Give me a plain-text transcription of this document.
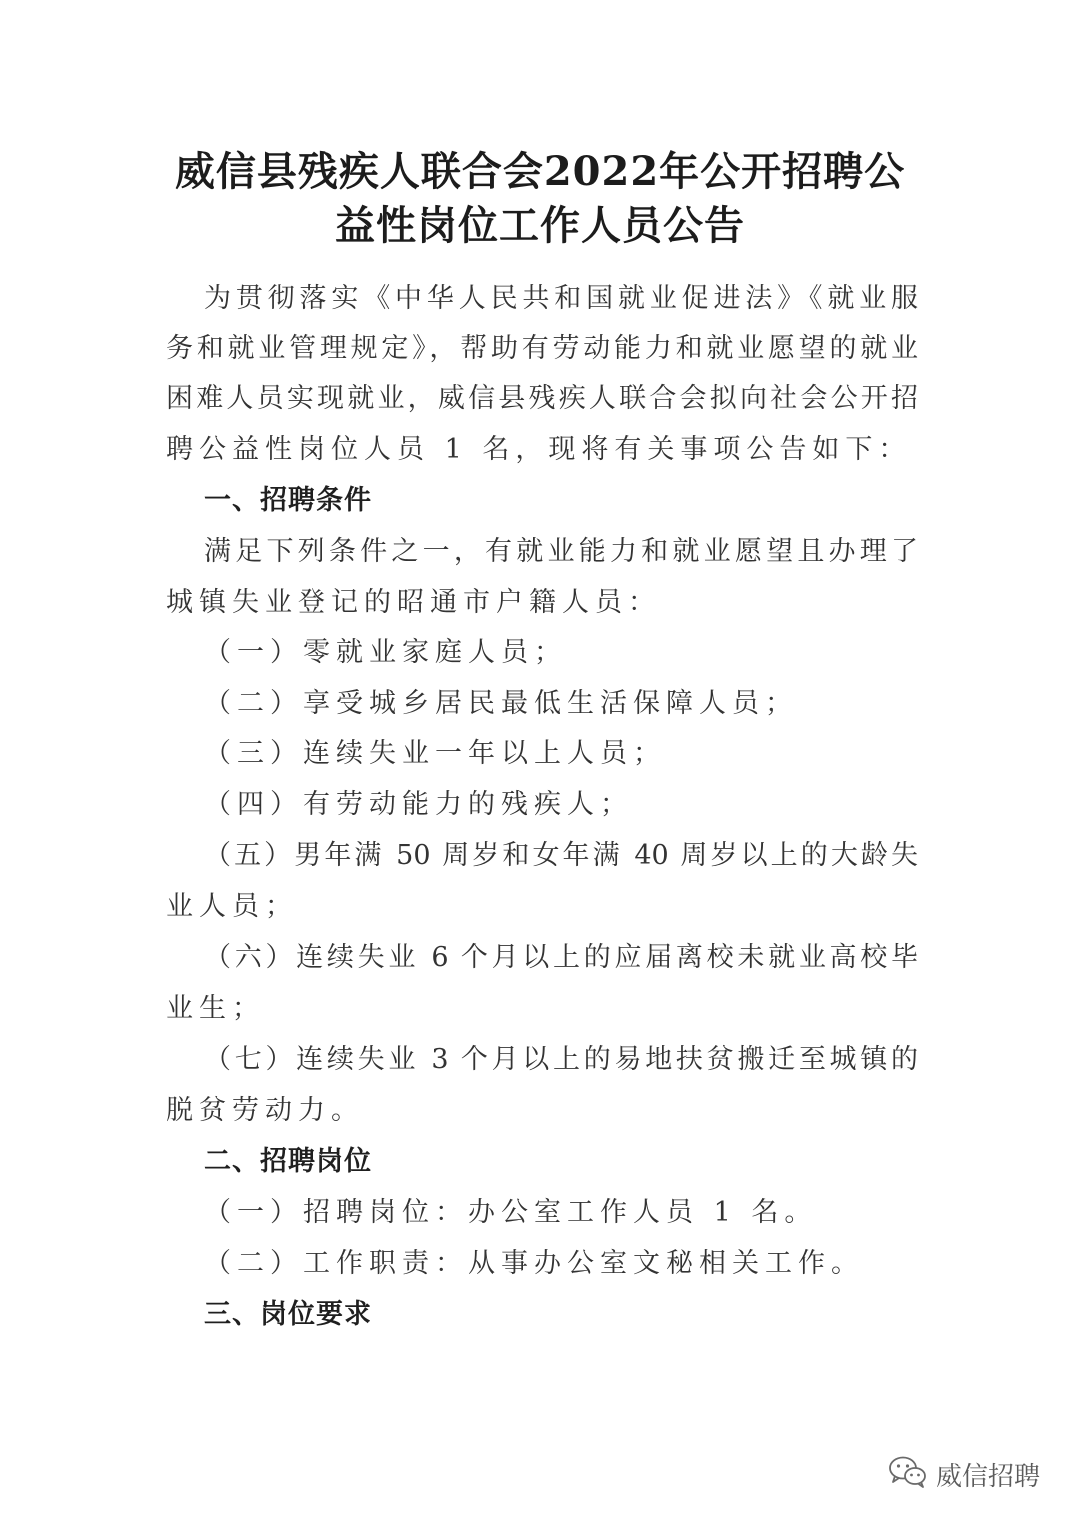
威信县残疾人联合会2022年公开招聘公
益性岗位工作人员公告
为贯彻落实《中华人民共和国就业促进法》《就业服
务和就业管理规定》，帮助有劳动能力和就业愿望的就业
困难人员实现就业，威信县残疾人联合会拟向社会公开招
聘公益性岗位人员 1 名，现将有关事项公告如下：
一、招聘条件
满足下列条件之一，有就业能力和就业愿望且办理了
城镇失业登记的昭通市户籍人员：
（一）零就业家庭人员；
（二）享受城乡居民最低生活保障人员；
（三）连续失业一年以上人员；
（四）有劳动能力的残疾人；
（五）男年满 50 周岁和女年满 40 周岁以上的大龄失
业人员；
（六）连续失业 6 个月以上的应届离校未就业高校毕
业生；
（七）连续失业 3 个月以上的易地扶贫搬迁至城镇的
脱贫劳动力。
二、招聘岗位
（一）招聘岗位：办公室工作人员 1 名。
（二）工作职责：从事办公室文秘相关工作。
三、岗位要求
威信招聘
